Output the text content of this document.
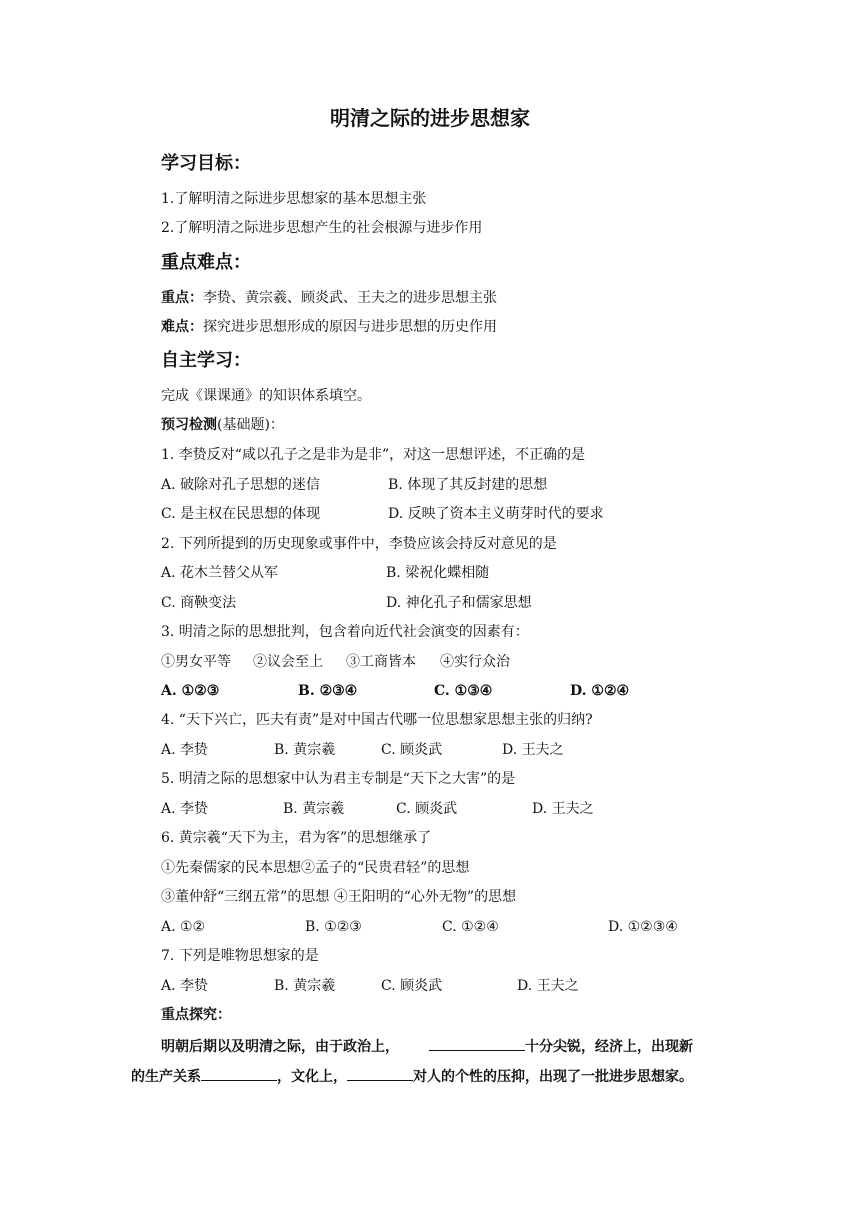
明清之际的进步思想家
学习目标：
1.了解明清之际进步思想家的基本思想主张
2.了解明清之际进步思想产生的社会根源与进步作用
重点难点：
重点：李贽、黄宗羲、顾炎武、王夫之的进步思想主张
难点：探究进步思想形成的原因与进步思想的历史作用
自主学习：
完成《课课通》的知识体系填空。
预习检测(基础题)：
1. 李贽反对“咸以孔子之是非为是非”，对这一思想评述，不正确的是
A. 破除对孔子思想的迷信	B. 体现了其反封建的思想
C. 是主权在民思想的体现	D. 反映了资本主义萌芽时代的要求
2. 下列所提到的历史现象或事件中，李贽应该会持反对意见的是
A. 花木兰替父从军	B. 梁祝化蝶相随
C. 商鞅变法	D. 神化孔子和儒家思想
3. 明清之际的思想批判，包含着向近代社会演变的因素有：
①男女平等 ②议会至上 ③工商皆本 ④实行众治
A. ①②③	B. ②③④	C. ①③④	D. ①②④
4. “天下兴亡，匹夫有责”是对中国古代哪一位思想家思想主张的归纳?
A. 李贽	B. 黄宗羲	C. 顾炎武	D. 王夫之
5. 明清之际的思想家中认为君主专制是“天下之大害”的是
A. 李贽	B. 黄宗羲	C. 顾炎武	D. 王夫之
6. 黄宗羲“天下为主，君为客”的思想继承了
①先秦儒家的民本思想②孟子的“民贵君轻”的思想
③董仲舒“三纲五常”的思想 ④王阳明的“心外无物”的思想
A. ①②	B. ①②③	C. ①②④	D. ①②③④
7. 下列是唯物思想家的是
A. 李贽	B. 黄宗羲	C. 顾炎武	D. 王夫之
重点探究：
明朝后期以及明清之际，由于政治上，	十分尖锐，经济上，出现新
的生产关系	，文化上，	对人的个性的压抑，出现了一批进步思想家。
